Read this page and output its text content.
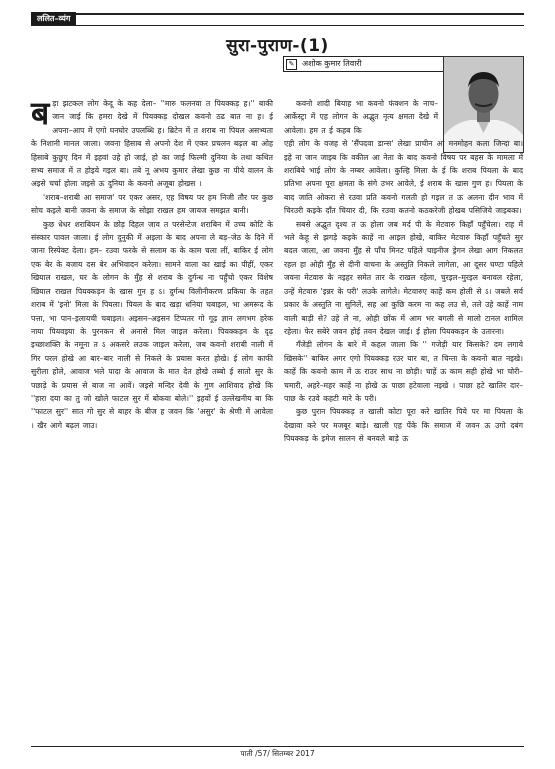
ललित–व्यंग
सुरा-पुराण-(1)
✎ अशोक कुमार तिवारी

बड़ा झटकल लोग केदू के कह देला– ''मारु फलनवा त पियक्कड़ ह।'' बाकी जान जाई कि हमरा देखे में पियक्कड़ दोखल कवनो ठढ बात ना ह। ई अपना–आप में एगो घनघोर उपलब्धि ह। ब्रिटेन में त शराब ना पियल असभ्यता के निशानी मानल जाला। जवना हिसाब से अपनो देश में एकर प्रचलन बढ़ल बा ओह हिसाबे कुछुए दिन में इहवां उहे हो जाई, हो का जाई फिल्मी दुनिया के तथा कथित सभ्य समाज में त होइये गइल बा। तबे नू अभय कुमार लेखा कुछ ना पीये वालन के अइसे चर्चा होला जइसे ऊ दुनिया के कवनो अजूबा होखस ।

'शराब–शराबी आ समाज' पर एकर असर, एह विषय पर हम निजी तौर पर कुछ सोच कइले बानी जवना के समाज के सोझा राखल हम जायज समझत बानी।

कुछ धेधर शराबियन के छोड़ दिहल जाव त परसेन्टेज शराबिन में उच्च कोटि के संस्कार पावल जाला। ई लोग दुनुकी में अइला के बाद अपना ले बड़–जेठ के दिने में जाना रिस्पेक्ट देला। हम– रउवा फरके से सलाम क के काम चला लीं, बाकिर ई लोग एक बेर के बजाय दस बेर अभिवादन करेला। सामने वाला का खाई का पीहीं, एकर खियाल राखल, घर के लोगन के मुँह से शराब के दुर्गन्ध ना पहुँचो एकर विशेष खियाल राखल पियक्कड़न के खास गुन ह ऽ। दुर्गन्ध विलीनीकरण प्रकिया के तहत शराब में 'इनो' मिला के पियला। पियल के बाद खड़ा धनिया चबाइल, भा अमरूद के पत्ता, भा पान–इलायची चबाइल। अइसन–अइसन टिप्पतर गो गूढ़ ज्ञान लगभग हरेक नाया पियवइया के पुरनकन से अनासे मिल जाइल करेला। पियक्कड़न के दृढ़ इच्छाशक्ति के नमूना त ऽ अकसरे लउक जाइल करेला, जब कवनो शराबी नाली में गिर परल होखे आ बार–बार नाली से निकले के प्रयास करत होखे। ई लोग काफी सुरीला होले, आवाज भले पादा के आवाज के मात देत होखे तब्बो ई सातो सुर के पछाड़े के प्रयास से बाज ना आवें। जइसे मन्दिर देवी के गुण आशिवाद होखे कि ''हारा दया का तु जो खोले फाटल सुर में बोकवा बोले।'' इहवों ई उल्लेखनीय बा कि ''फाटल सुर'' सात गो सुर से बाहर के बीज ह जवन कि 'असुर' के श्रेणी में आवेला । खैर आगे बढ़ल जाउ।

कवनो शादी बियाह भा कवनो फंक्शन के नाच–आर्केस्ट्रा में एह लोगन के अद्भुत नृत्य क्षमता देखे में आवेला। हम त ई कहब कि

एही लोग के वजह से 'सैंपदवा डान्स' लेखा प्राचीन आ मनमोहन कला जिन्दा बा। इहे ना जान जाइब कि वकील आ नेता के बाद कवनो विषय पर बहस के मामला में शराबिये भाई लोग के नम्बर आवेला। कुल्हि मिला के ई कि शराब पियला के बाद प्रतिभा अपना पूरा क्षमता के संगे उभर आवेले, ई शराब के खास गुण ह। पियला के बाद जाति ओकरा से रउवा प्रति कवनो गलती हो गइल त ऊ अलना दीन भाव में चिरउरी कइके दाँत चियार दी, कि रउवा कतनो कठकरेजी होखब पसिजिये जाइबका।

सबसे अद्भुत दृश्य त ऊ होला जब मर्द पी के मेटवारु किहाँ पहुँचेला। राह में भले केहू से झगड़े कइके काहें ना आइल होखे, बाकिर मेटवारु किहाँ पहुँचते सुर बदल जाला, आ जवना मुँह से पाँच मिनट पहिले चाइनीज ड्रेगन लेखा आग निकलत रहल हा ओही मुँह से दीनी वाचना के अस्तुति निकले लागेला, आ दूसर घण्टा पहिले जवना मेटवारु के नइहर समेत तार के राखल रहेला, चुरइल–मुरइल बनावल रहेला, उन्हें मेटवारु 'इन्नर के परी' लउके लागेले। मेटवारुए काहें कम होली से ऽ। जबले सर्व प्रकार के अस्तुति ना सुनिलें, सह आ कुछि करम ना कह लउ से, तले उहे काहें नाम वाली बाड़ी से? उहे ले ना, ओही छोंक में आम भर बगली से मालो टानल शामिल रहेला। फेर सबेरे जवन होई तवन देखल जाई। ई होला पियक्कड़न के उतारना।

गँजेड़ी लोगन के बारे में कहल जाला कि '' गजेड़ी यार किसके? दम लगाये खिसके'' बाकिर अगर एगो पियक्कड़ रउर यार बा, त चिन्ता के कवनो बात नइखे। काहें कि कवनो काम में ऊ राउर साथ ना छोड़ी। चाहें ऊ काम सही होखे भा चोरी–चमारी, अहरे–महर काहें ना होखे ऊ पाछा हटेवाला नइखे । पाछा हटे खातिर दार–पाछ के रउवे कहटी मारे के परी।

कुछ पुरान पियक्कड़ त खाली कोटा पूरा करे खातिर पिये पर मा पियला के देखावा करे पर मजबूर बाड़े। खाली एह पेंके कि समाज में जवन ऊ उगो दबंग पियक्कड़ के इमेज सालन से बनवले बाड़े ऊ

पाती /57/ सितम्बर 2017
